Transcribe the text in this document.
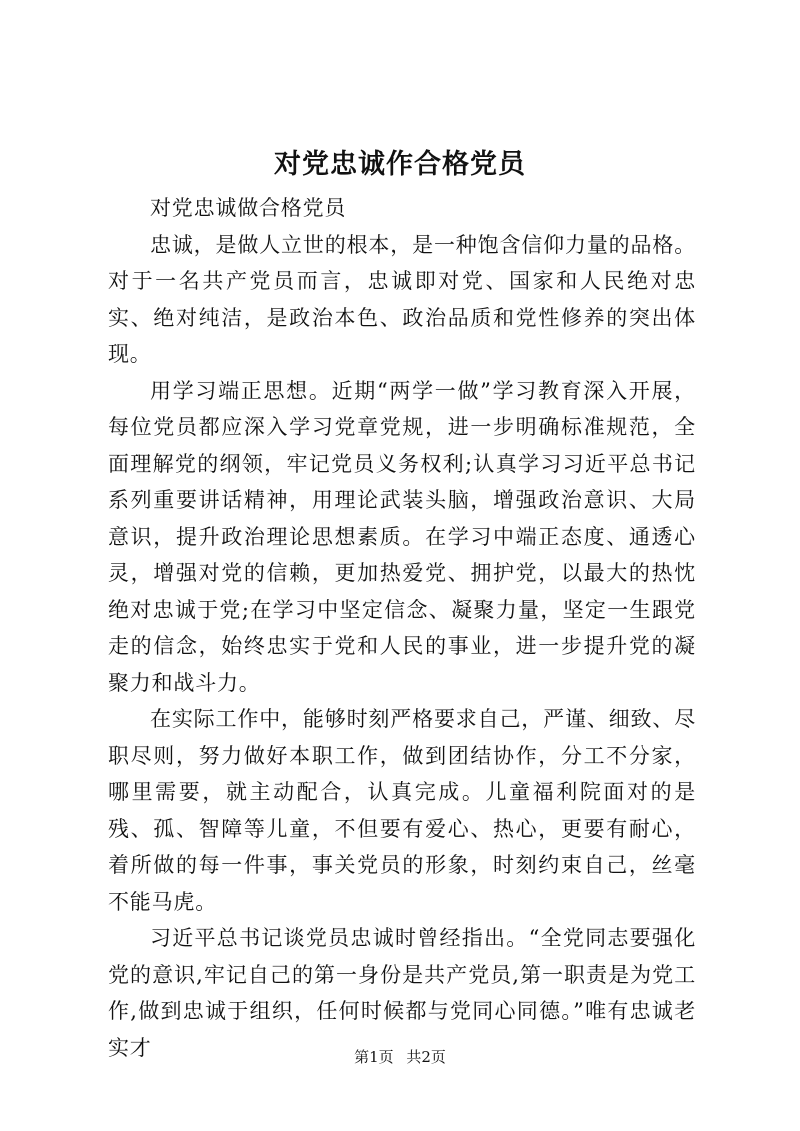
对党忠诚作合格党员

对党忠诚做合格党员

忠诚，是做人立世的根本，是一种饱含信仰力量的品格。对于一名共产党员而言，忠诚即对党、国家和人民绝对忠实、绝对纯洁，是政治本色、政治品质和党性修养的突出体现。

用学习端正思想。近期“两学一做”学习教育深入开展，每位党员都应深入学习党章党规，进一步明确标准规范，全面理解党的纲领，牢记党员义务权利;认真学习习近平总书记系列重要讲话精神，用理论武装头脑，增强政治意识、大局意识，提升政治理论思想素质。在学习中端正态度、通透心灵，增强对党的信赖，更加热爱党、拥护党，以最大的热忱绝对忠诚于党;在学习中坚定信念、凝聚力量，坚定一生跟党走的信念，始终忠实于党和人民的事业，进一步提升党的凝聚力和战斗力。

在实际工作中，能够时刻严格要求自己，严谨、细致、尽职尽则，努力做好本职工作，做到团结协作，分工不分家，哪里需要，就主动配合，认真完成。儿童福利院面对的是残、孤、智障等儿童，不但要有爱心、热心，更要有耐心，着所做的每一件事，事关党员的形象，时刻约束自己，丝毫不能马虎。

习近平总书记谈党员忠诚时曾经指出。“全党同志要强化党的意识,牢记自己的第一身份是共产党员,第一职责是为党工作,做到忠诚于组织，任何时候都与党同心同德。”唯有忠诚老实才	第1页 共2页
